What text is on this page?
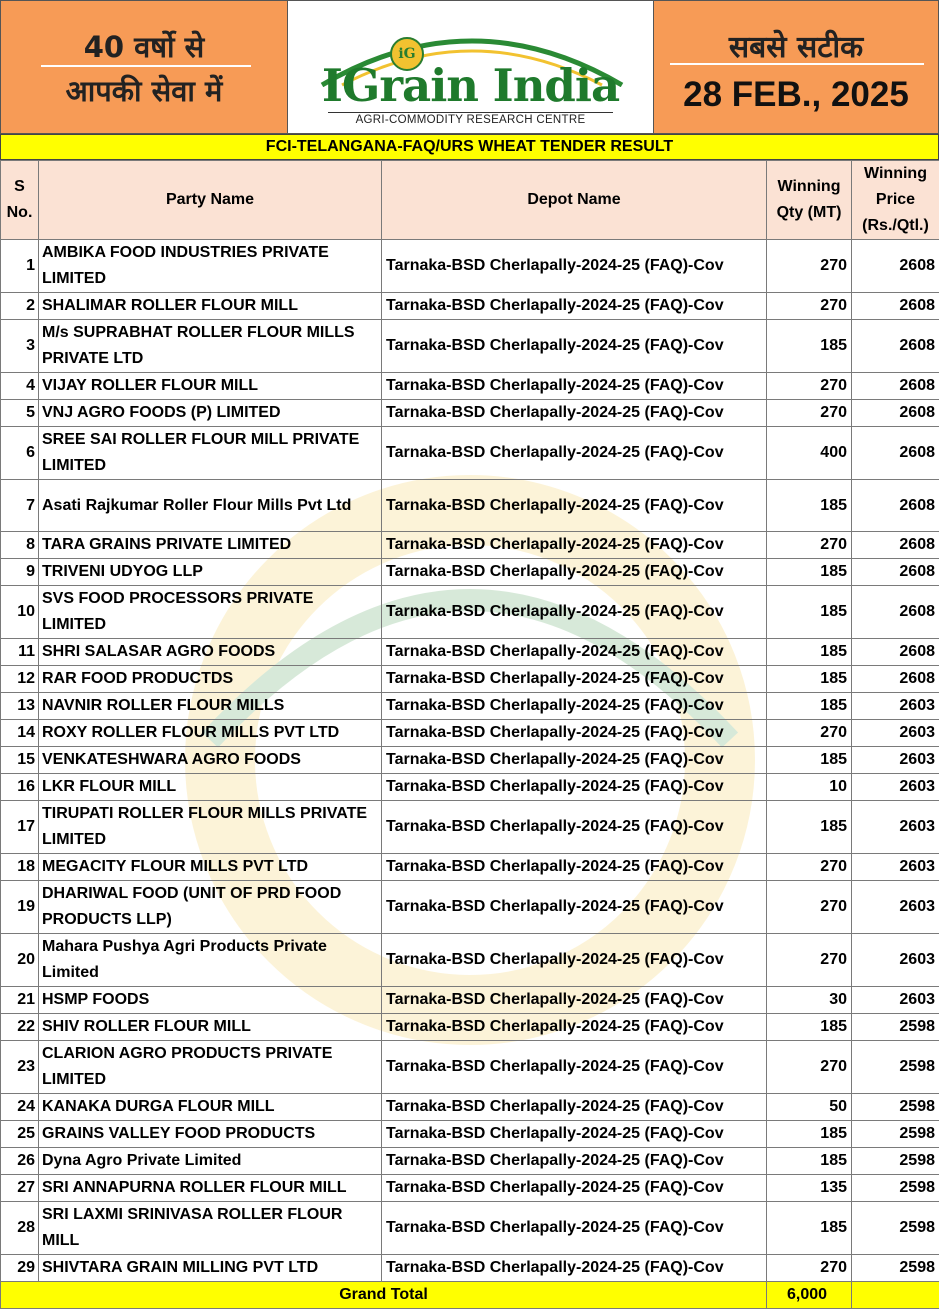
40 वर्षो से
आपकी सेवा में
iG
IGrain India
AGRI-COMMODITY RESEARCH CENTRE
सबसे सटीक
28 FEB., 2025
FCI-TELANGANA-FAQ/URS WHEAT TENDER RESULT
S No.	Party Name	Depot Name	Winning Qty (MT)	Winning Price (Rs./Qtl.)
1	AMBIKA FOOD INDUSTRIES PRIVATE LIMITED	Tarnaka-BSD Cherlapally-2024-25 (FAQ)-Cov	270	2608
2	SHALIMAR ROLLER FLOUR MILL	Tarnaka-BSD Cherlapally-2024-25 (FAQ)-Cov	270	2608
3	M/s SUPRABHAT ROLLER FLOUR MILLS PRIVATE LTD	Tarnaka-BSD Cherlapally-2024-25 (FAQ)-Cov	185	2608
4	VIJAY ROLLER FLOUR MILL	Tarnaka-BSD Cherlapally-2024-25 (FAQ)-Cov	270	2608
5	VNJ AGRO FOODS (P) LIMITED	Tarnaka-BSD Cherlapally-2024-25 (FAQ)-Cov	270	2608
6	SREE SAI ROLLER FLOUR MILL PRIVATE LIMITED	Tarnaka-BSD Cherlapally-2024-25 (FAQ)-Cov	400	2608
7	Asati Rajkumar Roller Flour Mills Pvt Ltd	Tarnaka-BSD Cherlapally-2024-25 (FAQ)-Cov	185	2608
8	TARA GRAINS PRIVATE LIMITED	Tarnaka-BSD Cherlapally-2024-25 (FAQ)-Cov	270	2608
9	TRIVENI UDYOG LLP	Tarnaka-BSD Cherlapally-2024-25 (FAQ)-Cov	185	2608
10	SVS FOOD PROCESSORS PRIVATE LIMITED	Tarnaka-BSD Cherlapally-2024-25 (FAQ)-Cov	185	2608
11	SHRI SALASAR AGRO FOODS	Tarnaka-BSD Cherlapally-2024-25 (FAQ)-Cov	185	2608
12	RAR FOOD PRODUCTDS	Tarnaka-BSD Cherlapally-2024-25 (FAQ)-Cov	185	2608
13	NAVNIR ROLLER FLOUR MILLS	Tarnaka-BSD Cherlapally-2024-25 (FAQ)-Cov	185	2603
14	ROXY ROLLER FLOUR MILLS PVT LTD	Tarnaka-BSD Cherlapally-2024-25 (FAQ)-Cov	270	2603
15	VENKATESHWARA AGRO FOODS	Tarnaka-BSD Cherlapally-2024-25 (FAQ)-Cov	185	2603
16	LKR FLOUR MILL	Tarnaka-BSD Cherlapally-2024-25 (FAQ)-Cov	10	2603
17	TIRUPATI ROLLER FLOUR MILLS PRIVATE LIMITED	Tarnaka-BSD Cherlapally-2024-25 (FAQ)-Cov	185	2603
18	MEGACITY FLOUR MILLS PVT LTD	Tarnaka-BSD Cherlapally-2024-25 (FAQ)-Cov	270	2603
19	DHARIWAL FOOD (UNIT OF PRD FOOD PRODUCTS LLP)	Tarnaka-BSD Cherlapally-2024-25 (FAQ)-Cov	270	2603
20	Mahara Pushya Agri Products Private Limited	Tarnaka-BSD Cherlapally-2024-25 (FAQ)-Cov	270	2603
21	HSMP FOODS	Tarnaka-BSD Cherlapally-2024-25 (FAQ)-Cov	30	2603
22	SHIV ROLLER FLOUR MILL	Tarnaka-BSD Cherlapally-2024-25 (FAQ)-Cov	185	2598
23	CLARION AGRO PRODUCTS PRIVATE LIMITED	Tarnaka-BSD Cherlapally-2024-25 (FAQ)-Cov	270	2598
24	KANAKA DURGA FLOUR MILL	Tarnaka-BSD Cherlapally-2024-25 (FAQ)-Cov	50	2598
25	GRAINS VALLEY FOOD PRODUCTS	Tarnaka-BSD Cherlapally-2024-25 (FAQ)-Cov	185	2598
26	Dyna Agro Private Limited	Tarnaka-BSD Cherlapally-2024-25 (FAQ)-Cov	185	2598
27	SRI ANNAPURNA ROLLER FLOUR MILL	Tarnaka-BSD Cherlapally-2024-25 (FAQ)-Cov	135	2598
28	SRI LAXMI SRINIVASA ROLLER FLOUR MILL	Tarnaka-BSD Cherlapally-2024-25 (FAQ)-Cov	185	2598
29	SHIVTARA GRAIN MILLING PVT LTD	Tarnaka-BSD Cherlapally-2024-25 (FAQ)-Cov	270	2598
Grand Total			6,000	
